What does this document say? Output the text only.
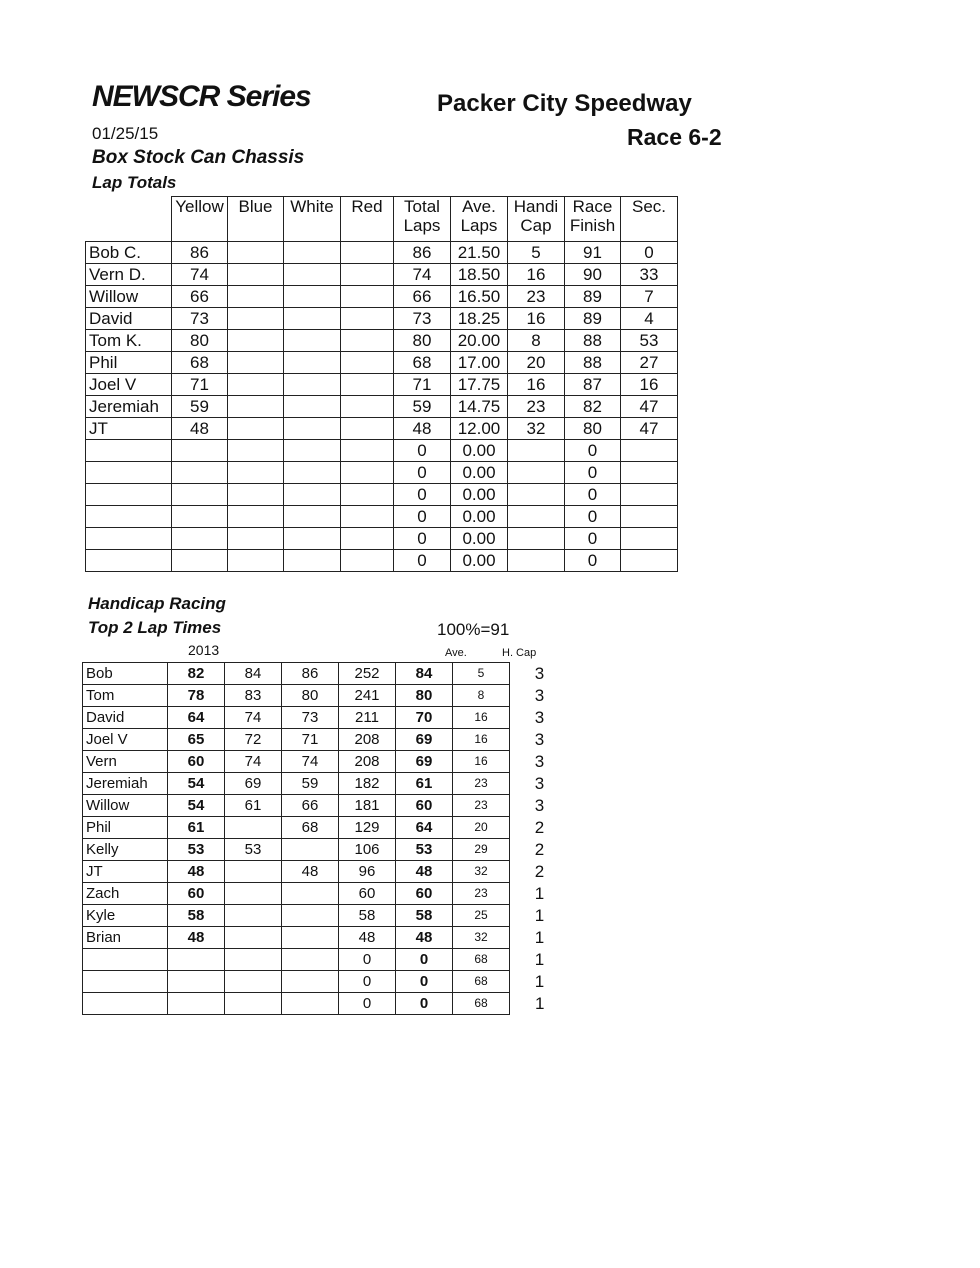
NEWSCR Series	Packer City Speedway
Race 6-2
01/25/15
Box Stock Can Chassis
Lap Totals
	Yellow	Blue	White	Red	Total Laps	Ave. Laps	Handi Cap	Race Finish	Sec.
Bob C.	86				86	21.50	5	91	0
Vern D.	74				74	18.50	16	90	33
Willow	66				66	16.50	23	89	7
David	73				73	18.25	16	89	4
Tom K.	80				80	20.00	8	88	53
Phil	68				68	17.00	20	88	27
Joel V	71				71	17.75	16	87	16
Jeremiah	59				59	14.75	23	82	47
JT	48				48	12.00	32	80	47
					0	0.00		0	
					0	0.00		0	
					0	0.00		0	
					0	0.00		0	
					0	0.00		0	
					0	0.00		0	
Handicap Racing
Top 2 Lap Times	100%=91
2013	Ave.	H. Cap
Bob	82	84	86	252	84	5	3
Tom	78	83	80	241	80	8	3
David	64	74	73	211	70	16	3
Joel V	65	72	71	208	69	16	3
Vern	60	74	74	208	69	16	3
Jeremiah	54	69	59	182	61	23	3
Willow	54	61	66	181	60	23	3
Phil	61		68	129	64	20	2
Kelly	53	53		106	53	29	2
JT	48		48	96	48	32	2
Zach	60			60	60	23	1
Kyle	58			58	58	25	1
Brian	48			48	48	32	1
				0	0	68	1
				0	0	68	1
				0	0	68	1
